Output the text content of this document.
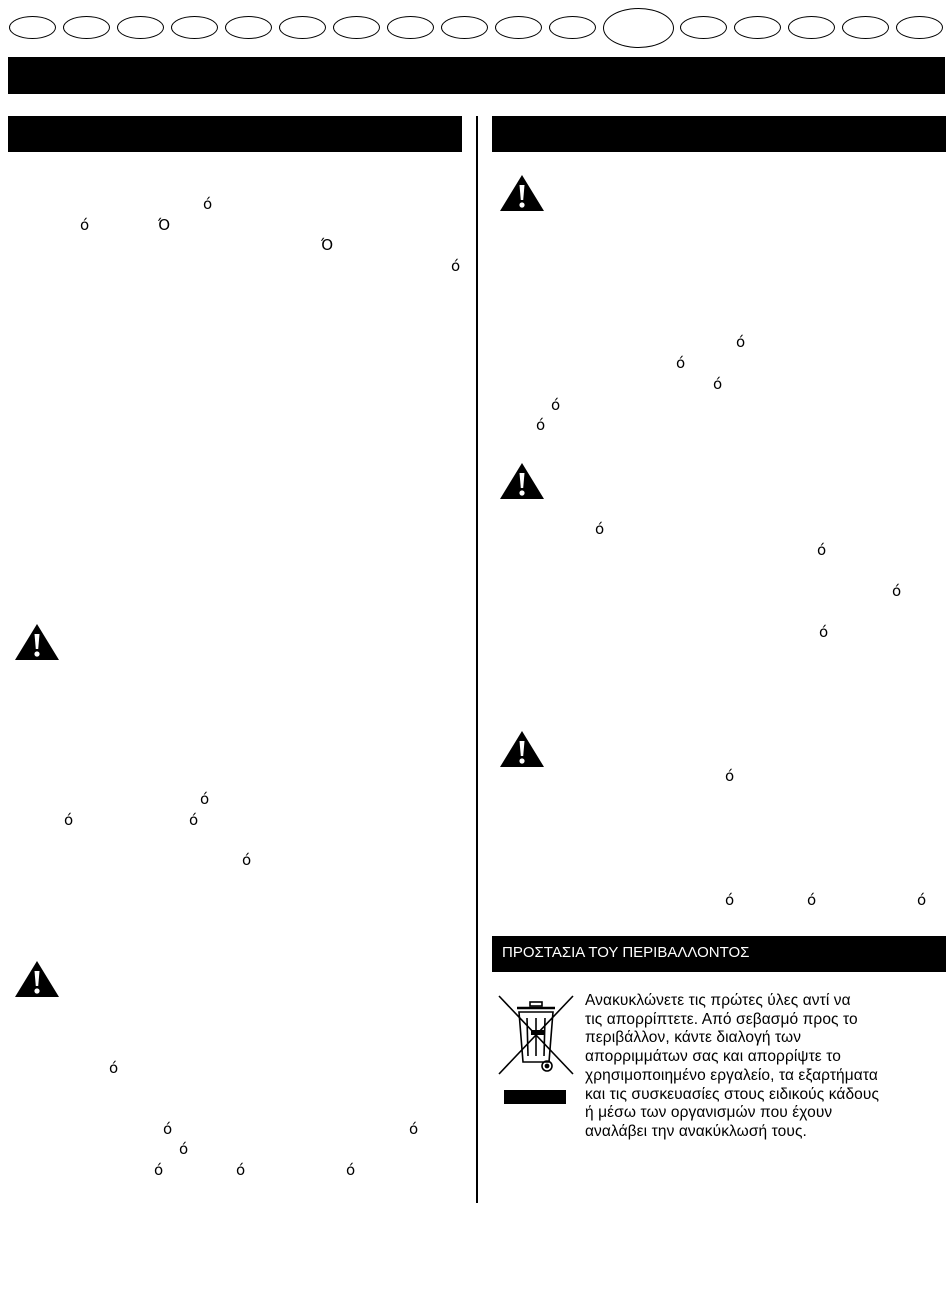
ό
ό	Ό
Ό
ό
ό
ό	ό
ό
ό
ό	ό
ό
ό	ό	ό
ό
ό
ό
ό
ό
ό
ό
ό
ό
ό
ό	ό	ό
ΠΡΟΣΤΑΣΙΑ ΤΟΥ ΠΕΡΙΒΑΛΛΟΝΤΟΣ
Ανακυκλώνετε τις πρώτες ύλες αντί να
τις απορρίπτετε. Από σεβασμό προς το
περιβάλλον, κάντε διαλογή των
απορριμμάτων σας και απορρίψτε το
χρησιμοποιημένο εργαλείο, τα εξαρτήματα
και τις συσκευασίες στους ειδικούς κάδους
ή μέσω των οργανισμών που έχουν
αναλάβει την ανακύκλωσή τους.
